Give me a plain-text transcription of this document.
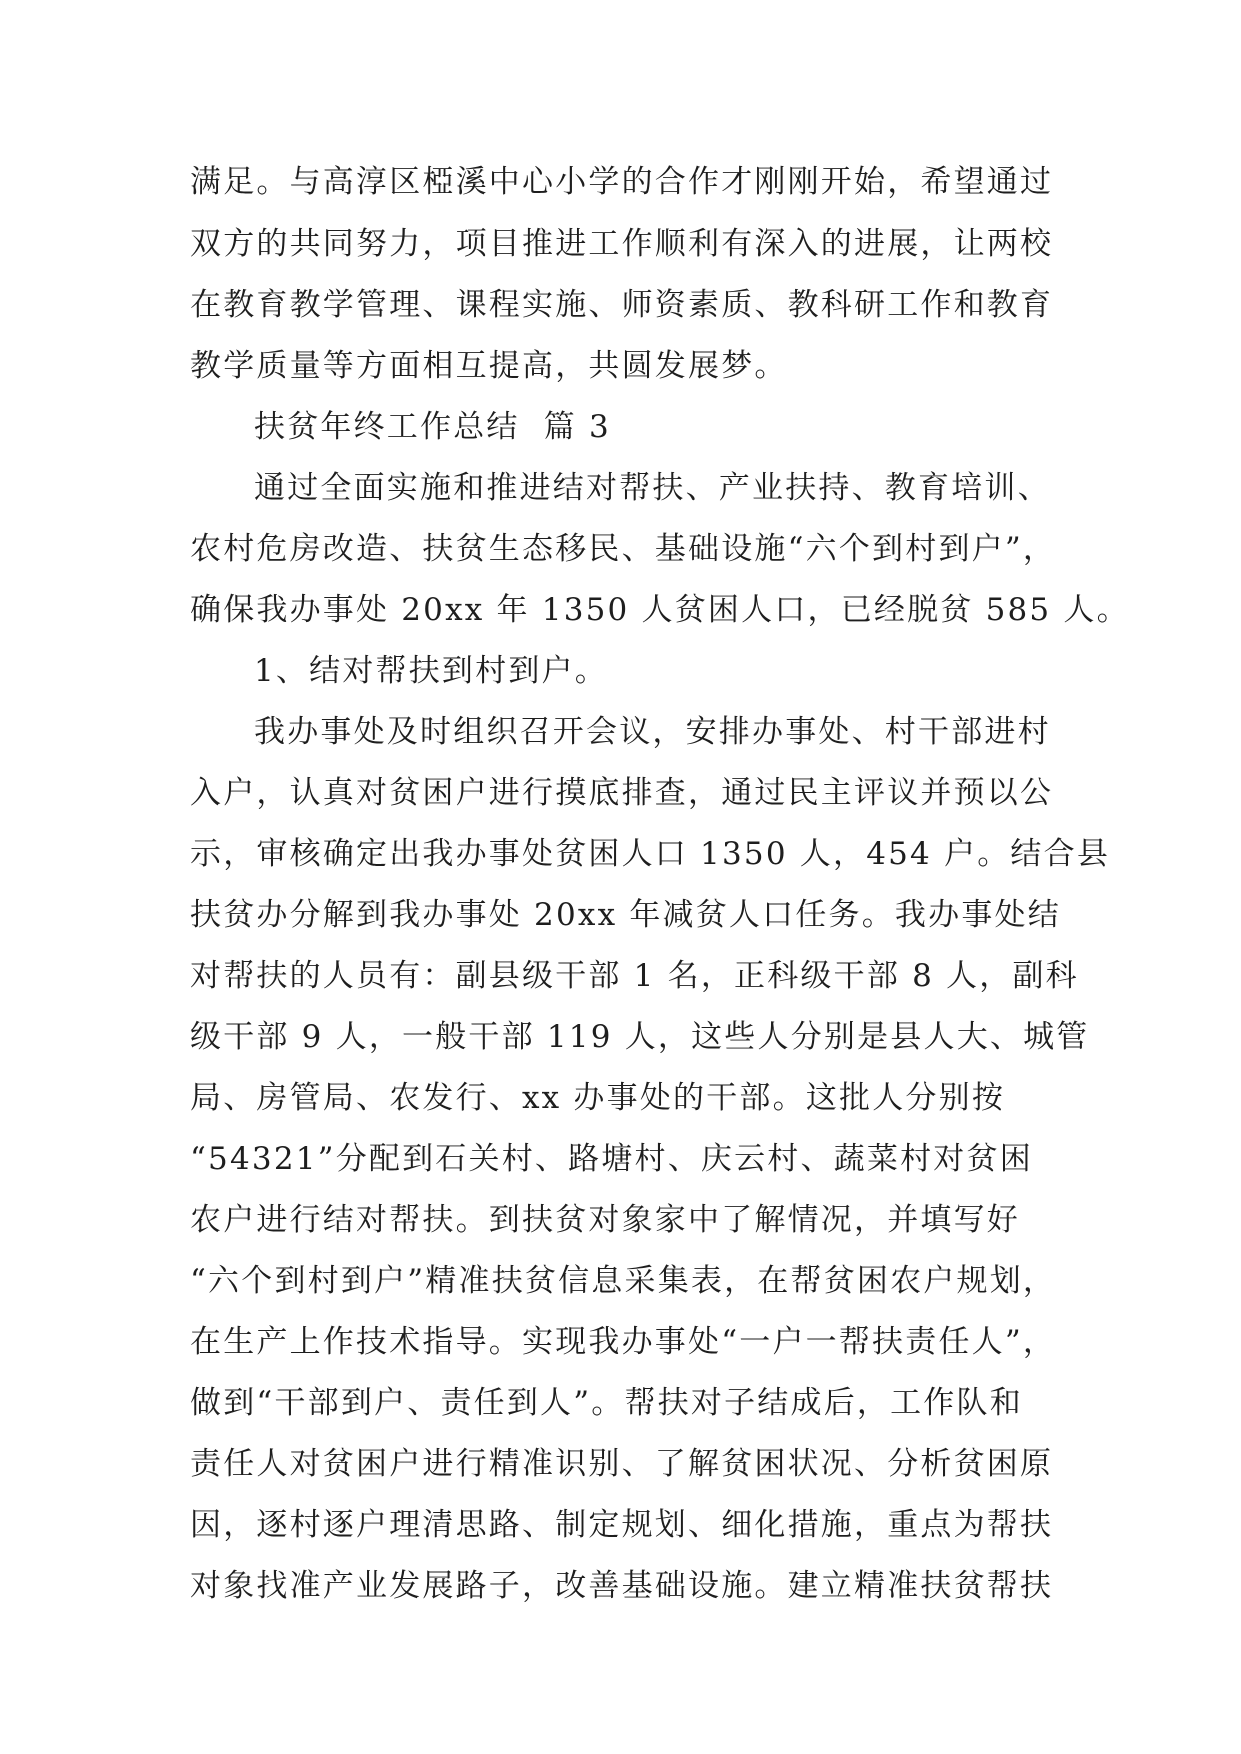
满足。与高淳区椏溪中心小学的合作才刚刚开始，希望通过
双方的共同努力，项目推进工作顺利有深入的进展，让两校
在教育教学管理、课程实施、师资素质、教科研工作和教育
教学质量等方面相互提高，共圆发展梦。
扶贫年终工作总结  篇 3
通过全面实施和推进结对帮扶、产业扶持、教育培训、
农村危房改造、扶贫生态移民、基础设施“六个到村到户”，
确保我办事处 20xx 年 1350 人贫困人口，已经脱贫 585 人。
1、结对帮扶到村到户。
我办事处及时组织召开会议，安排办事处、村干部进村
入户，认真对贫困户进行摸底排查，通过民主评议并预以公
示，审核确定出我办事处贫困人口 1350 人，454 户。结合县
扶贫办分解到我办事处 20xx 年减贫人口任务。我办事处结
对帮扶的人员有：副县级干部 1 名，正科级干部 8 人，副科
级干部 9 人，一般干部 119 人，这些人分别是县人大、城管
局、房管局、农发行、xx 办事处的干部。这批人分别按
“54321”分配到石关村、路塘村、庆云村、蔬菜村对贫困
农户进行结对帮扶。到扶贫对象家中了解情况，并填写好
“六个到村到户”精准扶贫信息采集表，在帮贫困农户规划，
在生产上作技术指导。实现我办事处“一户一帮扶责任人”，
做到“干部到户、责任到人”。帮扶对子结成后，工作队和
责任人对贫困户进行精准识别、了解贫困状况、分析贫困原
因，逐村逐户理清思路、制定规划、细化措施，重点为帮扶
对象找准产业发展路子，改善基础设施。建立精准扶贫帮扶
